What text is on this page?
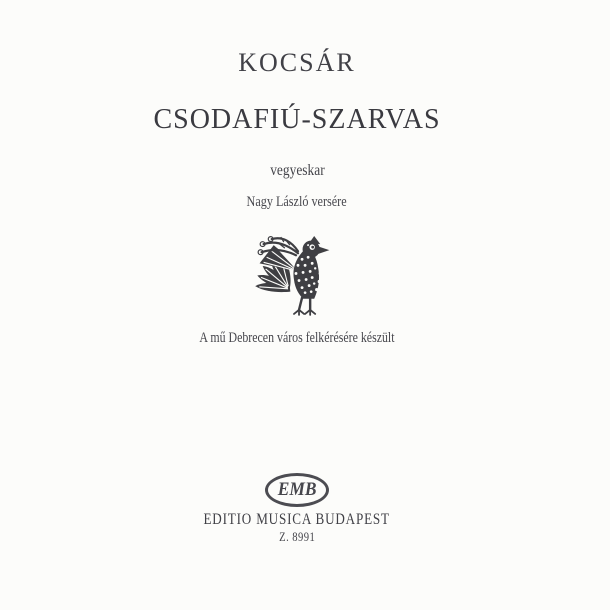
KOCSÁR
CSODAFIÚ-SZARVAS
vegyeskar
Nagy László versére
A mű Debrecen város felkérésére készült
EMB
EDITIO MUSICA BUDAPEST
Z. 8991
